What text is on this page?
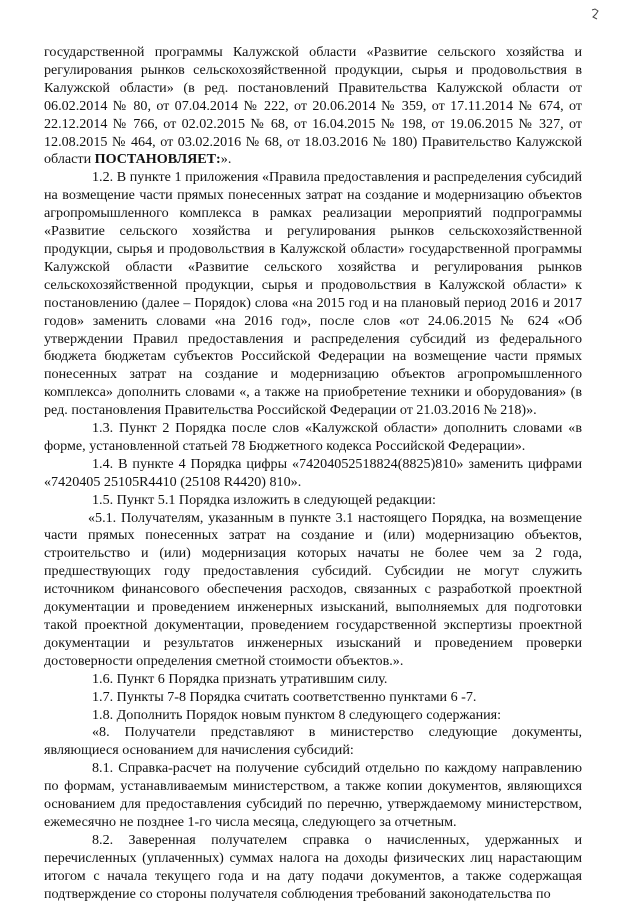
государственной программы Калужской области «Развитие сельского хозяйства и регулирования рынков сельскохозяйственной продукции, сырья и продовольствия в Калужской области» (в ред. постановлений Правительства Калужской области от 06.02.2014 № 80, от 07.04.2014 № 222, от 20.06.2014 № 359, от 17.11.2014 № 674, от 22.12.2014 № 766, от 02.02.2015 № 68, от 16.04.2015 № 198, от 19.06.2015 № 327, от 12.08.2015 № 464, от 03.02.2016 № 68, от 18.03.2016 № 180) Правительство Калужской области ПОСТАНОВЛЯЕТ:».

1.2. В пункте 1 приложения «Правила предоставления и распределения субсидий на возмещение части прямых понесенных затрат на создание и модернизацию объектов агропромышленного комплекса в рамках реализации мероприятий подпрограммы «Развитие сельского хозяйства и регулирования рынков сельскохозяйственной продукции, сырья и продовольствия в Калужской области» государственной программы Калужской области «Развитие сельского хозяйства и регулирования рынков сельскохозяйственной продукции, сырья и продовольствия в Калужской области» к постановлению (далее – Порядок) слова «на 2015 год и на плановый период 2016 и 2017 годов» заменить словами «на 2016 год», после слов «от 24.06.2015 № 624 «Об утверждении Правил предоставления и распределения субсидий из федерального бюджета бюджетам субъектов Российской Федерации на возмещение части прямых понесенных затрат на создание и модернизацию объектов агропромышленного комплекса» дополнить словами «, а также на приобретение техники и оборудования» (в ред. постановления Правительства Российской Федерации от 21.03.2016 № 218)».

1.3. Пункт 2 Порядка после слов «Калужской области» дополнить словами «в форме, установленной статьей 78 Бюджетного кодекса Российской Федерации».

1.4. В пункте 4 Порядка цифры «74204052518824(8825)810» заменить цифрами «7420405 25105R4410 (25108 R4420) 810».

1.5. Пункт 5.1 Порядка изложить в следующей редакции:

«5.1. Получателям, указанным в пункте 3.1 настоящего Порядка, на возмещение части прямых понесенных затрат на создание и (или) модернизацию объектов, строительство и (или) модернизация которых начаты не более чем за 2 года, предшествующих году предоставления субсидий. Субсидии не могут служить источником финансового обеспечения расходов, связанных с разработкой проектной документации и проведением инженерных изысканий, выполняемых для подготовки такой проектной документации, проведением государственной экспертизы проектной документации и результатов инженерных изысканий и проведением проверки достоверности определения сметной стоимости объектов.».

1.6. Пункт 6 Порядка признать утратившим силу.

1.7. Пункты 7-8 Порядка считать соответственно пунктами 6 -7.

1.8. Дополнить Порядок новым пунктом 8 следующего содержания:

«8. Получатели представляют в министерство следующие документы, являющиеся основанием для начисления субсидий:

8.1. Справка-расчет на получение субсидий отдельно по каждому направлению по формам, устанавливаемым министерством, а также копии документов, являющихся основанием для предоставления субсидий по перечню, утверждаемому министерством, ежемесячно не позднее 1-го числа месяца, следующего за отчетным.

8.2. Заверенная получателем справка о начисленных, удержанных и перечисленных (уплаченных) суммах налога на доходы физических лиц нарастающим итогом с начала текущего года и на дату подачи документов, а также содержащая подтверждение со стороны получателя соблюдения требований законодательства по
